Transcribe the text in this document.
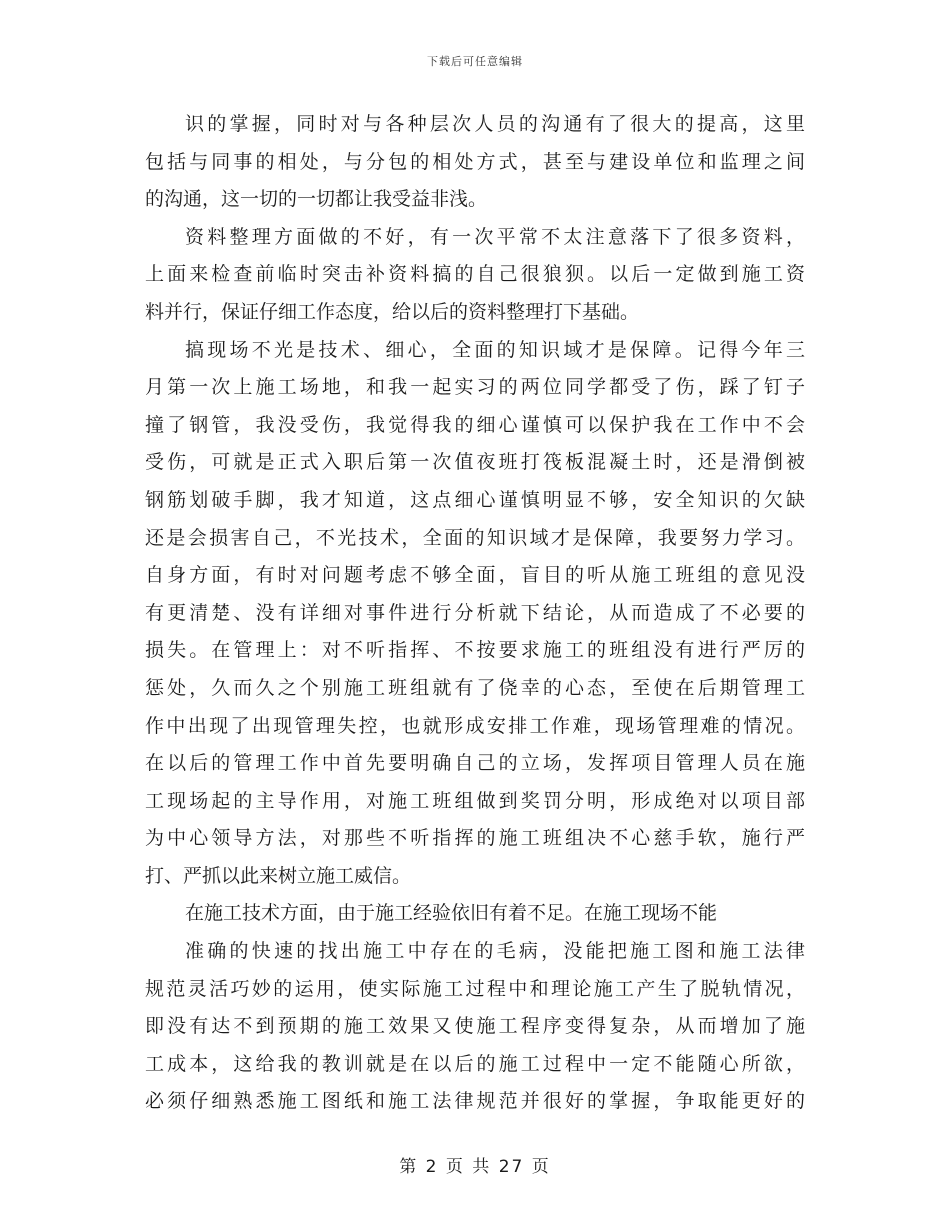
下载后可任意编辑
识的掌握，同时对与各种层次人员的沟通有了很大的提高，这里
包括与同事的相处，与分包的相处方式，甚至与建设单位和监理之间
的沟通，这一切的一切都让我受益非浅。
资料整理方面做的不好，有一次平常不太注意落下了很多资料，
上面来检查前临时突击补资料搞的自己很狼狈。以后一定做到施工资
料并行，保证仔细工作态度，给以后的资料整理打下基础。
搞现场不光是技术、细心，全面的知识域才是保障。记得今年三
月第一次上施工场地，和我一起实习的两位同学都受了伤，踩了钉子
撞了钢管，我没受伤，我觉得我的细心谨慎可以保护我在工作中不会
受伤，可就是正式入职后第一次值夜班打筏板混凝土时，还是滑倒被
钢筋划破手脚，我才知道，这点细心谨慎明显不够，安全知识的欠缺
还是会损害自己，不光技术，全面的知识域才是保障，我要努力学习。
自身方面，有时对问题考虑不够全面，盲目的听从施工班组的意见没
有更清楚、没有详细对事件进行分析就下结论，从而造成了不必要的
损失。在管理上：对不听指挥、不按要求施工的班组没有进行严厉的
惩处，久而久之个别施工班组就有了侥幸的心态，至使在后期管理工
作中出现了出现管理失控，也就形成安排工作难，现场管理难的情况。
在以后的管理工作中首先要明确自己的立场，发挥项目管理人员在施
工现场起的主导作用，对施工班组做到奖罚分明，形成绝对以项目部
为中心领导方法，对那些不听指挥的施工班组决不心慈手软，施行严
打、严抓以此来树立施工威信。
在施工技术方面，由于施工经验依旧有着不足。在施工现场不能
准确的快速的找出施工中存在的毛病，没能把施工图和施工法律
规范灵活巧妙的运用，使实际施工过程中和理论施工产生了脱轨情况，
即没有达不到预期的施工效果又使施工程序变得复杂，从而增加了施
工成本，这给我的教训就是在以后的施工过程中一定不能随心所欲，
必须仔细熟悉施工图纸和施工法律规范并很好的掌握，争取能更好的
第 2 页 共 27 页
